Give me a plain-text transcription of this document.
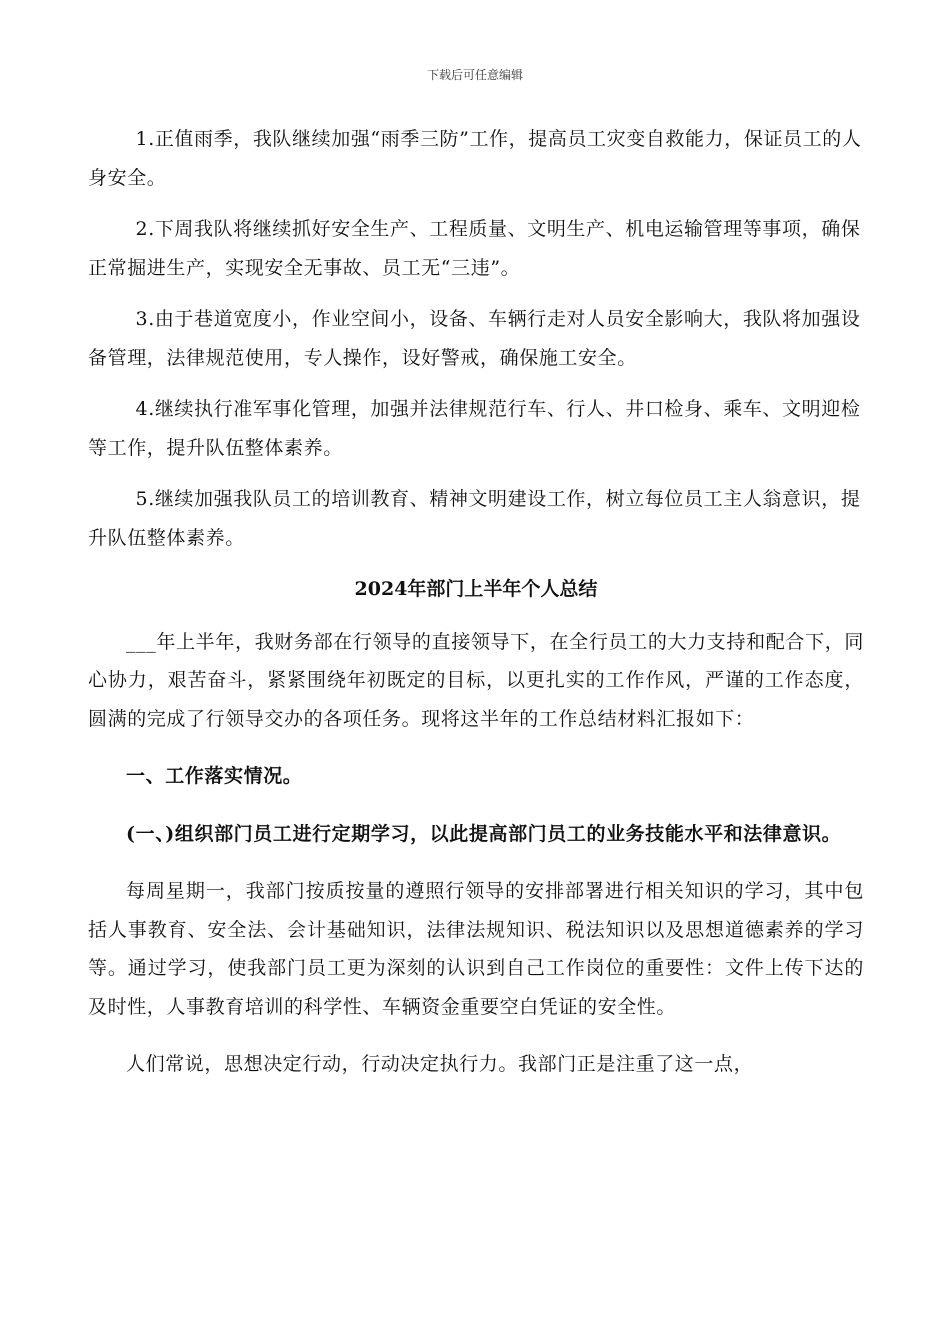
下载后可任意编辑

1.正值雨季，我队继续加强“雨季三防”工作，提高员工灾变自救能力，保证员工的人身安全。

2.下周我队将继续抓好安全生产、工程质量、文明生产、机电运输管理等事项，确保正常掘进生产，实现安全无事故、员工无“三违”。

3.由于巷道宽度小，作业空间小，设备、车辆行走对人员安全影响大，我队将加强设备管理，法律规范使用，专人操作，设好警戒，确保施工安全。

4.继续执行准军事化管理，加强并法律规范行车、行人、井口检身、乘车、文明迎检等工作，提升队伍整体素养。

5.继续加强我队员工的培训教育、精神文明建设工作，树立每位员工主人翁意识，提升队伍整体素养。

2024年部门上半年个人总结

___年上半年，我财务部在行领导的直接领导下，在全行员工的大力支持和配合下，同心协力，艰苦奋斗，紧紧围绕年初既定的目标，以更扎实的工作作风，严谨的工作态度，圆满的完成了行领导交办的各项任务。现将这半年的工作总结材料汇报如下：

一、工作落实情况。

(一、)组织部门员工进行定期学习，以此提高部门员工的业务技能水平和法律意识。

每周星期一，我部门按质按量的遵照行领导的安排部署进行相关知识的学习，其中包括人事教育、安全法、会计基础知识，法律法规知识、税法知识以及思想道德素养的学习等。通过学习，使我部门员工更为深刻的认识到自己工作岗位的重要性：文件上传下达的及时性，人事教育培训的科学性、车辆资金重要空白凭证的安全性。

人们常说，思想决定行动，行动决定执行力。我部门正是注重了这一点，
